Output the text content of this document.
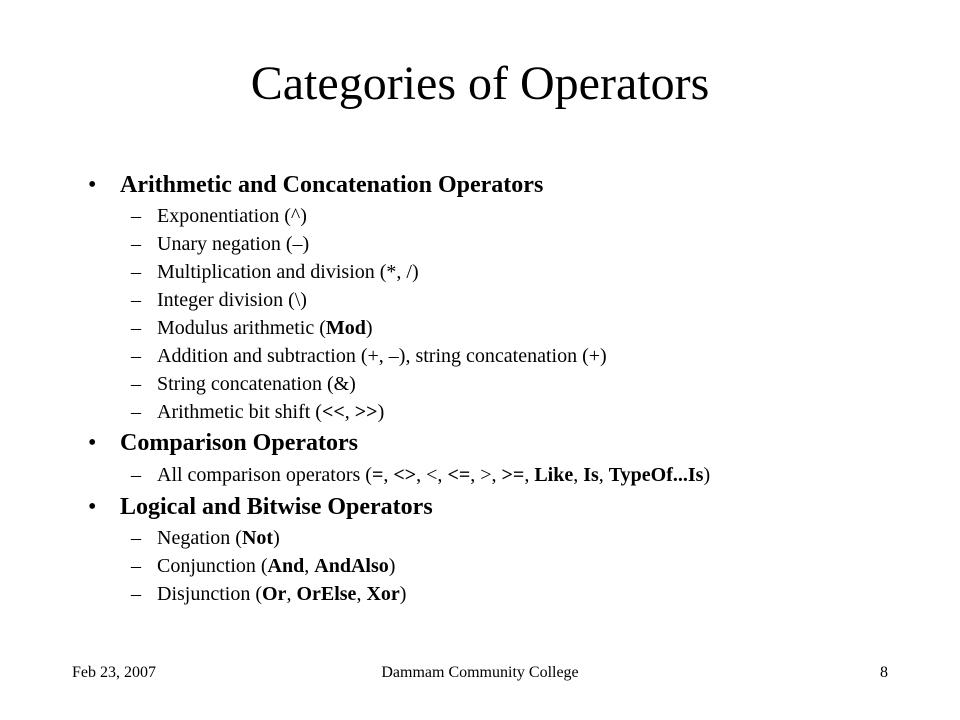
Categories of Operators
• Arithmetic and Concatenation Operators
– Exponentiation (^)
– Unary negation (–)
– Multiplication and division (*, /)
– Integer division (\)
– Modulus arithmetic (Mod)
– Addition and subtraction (+, –), string concatenation (+)
– String concatenation (&)
– Arithmetic bit shift (<<, >>)
• Comparison Operators
– All comparison operators (=, <>, <, <=, >, >=, Like, Is, TypeOf...Is)
• Logical and Bitwise Operators
– Negation (Not)
– Conjunction (And, AndAlso)
– Disjunction (Or, OrElse, Xor)
Feb 23, 2007	Dammam Community College	8
